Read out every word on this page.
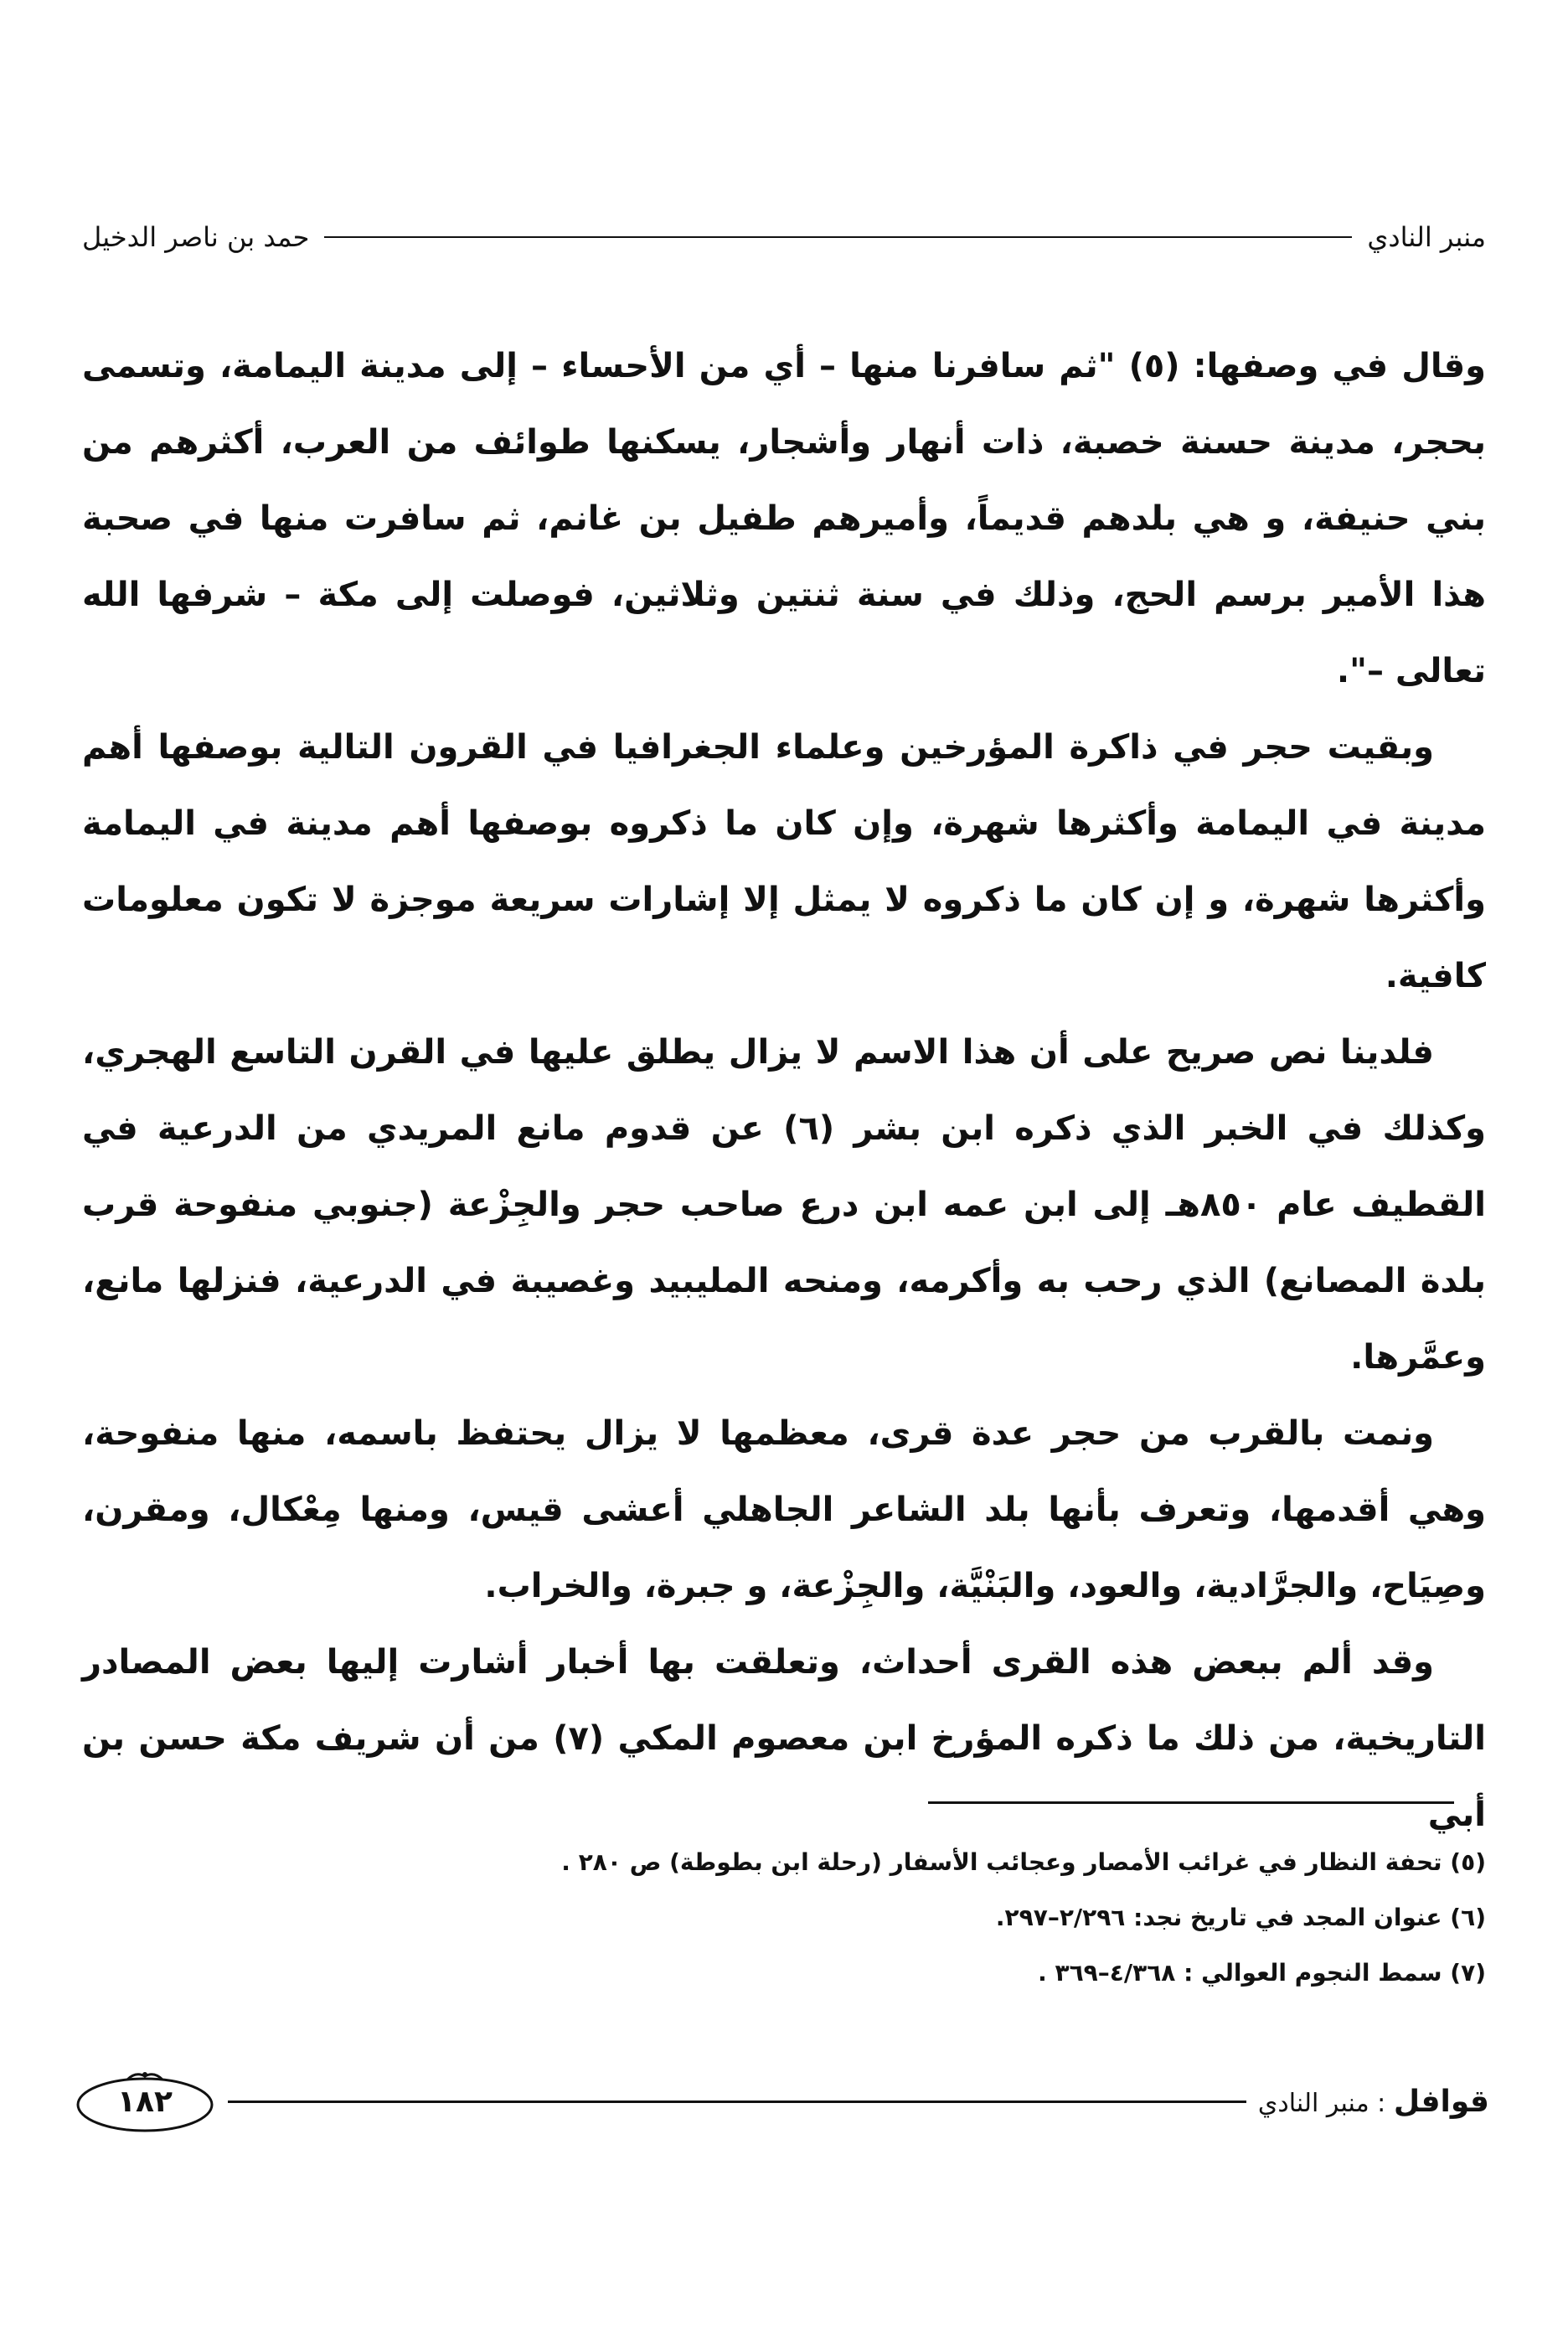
منبر النادي
حمد بن ناصر الدخيل

وقال في وصفها: (٥) "ثم سافرنا منها – أي من الأحساء – إلى مدينة اليمامة، وتسمى بحجر، مدينة حسنة خصبة، ذات أنهار وأشجار، يسكنها طوائف من العرب، أكثرهم من بني حنيفة، و هي بلدهم قديماً، وأميرهم طفيل بن غانم، ثم سافرت منها في صحبة هذا الأمير برسم الحج، وذلك في سنة ثنتين وثلاثين، فوصلت إلى مكة – شرفها الله تعالى –".

وبقيت حجر في ذاكرة المؤرخين وعلماء الجغرافيا في القرون التالية بوصفها أهم مدينة في اليمامة وأكثرها شهرة، وإن كان ما ذكروه بوصفها أهم مدينة في اليمامة وأكثرها شهرة، و إن كان ما ذكروه لا يمثل إلا إشارات سريعة موجزة لا تكون معلومات كافية.

فلدينا نص صريح على أن هذا الاسم لا يزال يطلق عليها في القرن التاسع الهجري، وكذلك في الخبر الذي ذكره ابن بشر (٦) عن قدوم مانع المريدي من الدرعية في القطيف عام ٨٥٠هـ إلى ابن عمه ابن درع صاحب حجر والجِزْعة (جنوبي منفوحة قرب بلدة المصانع) الذي رحب به وأكرمه، ومنحه المليبيد وغصيبة في الدرعية، فنزلها مانع، وعمَّرها.

ونمت بالقرب من حجر عدة قرى، معظمها لا يزال يحتفظ باسمه، منها منفوحة، وهي أقدمها، وتعرف بأنها بلد الشاعر الجاهلي أعشى قيس، ومنها مِعْكال، ومقرن، وصِيَاح، والجرَّادية، والعود، والبَنْيَّة، والجِزْعة، و جبرة، والخراب.

وقد ألم ببعض هذه القرى أحداث، وتعلقت بها أخبار أشارت إليها بعض المصادر التاريخية، من ذلك ما ذكره المؤرخ ابن معصوم المكي (٧) من أن شريف مكة حسن بن أبي

(٥) تحفة النظار في غرائب الأمصار وعجائب الأسفار (رحلة ابن بطوطة) ص ٢٨٠ .

(٦) عنوان المجد في تاريخ نجد: ٢/٢٩٦–٢٩٧.

(٧) سمط النجوم العوالي : ٤/٣٦٨–٣٦٩ .

قوافل : منبر النادي
١٨٢
